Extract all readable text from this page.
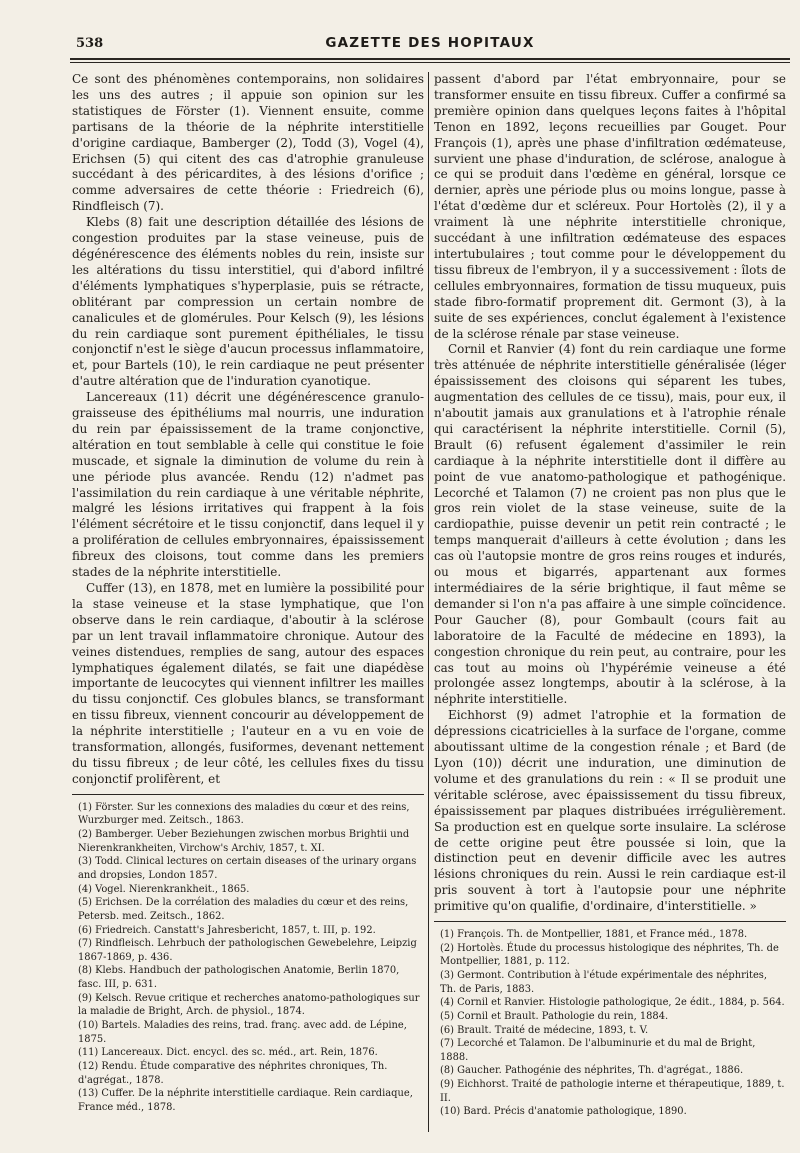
538	GAZETTE DES HOPITAUX

Ce sont des phénomènes contemporains, non solidaires les uns des autres ; il appuie son opinion sur les statistiques de Förster (1). Viennent ensuite, comme partisans de la théorie de la néphrite interstitielle d'origine cardiaque, Bamberger (2), Todd (3), Vogel (4), Erichsen (5) qui citent des cas d'atrophie granuleuse succédant à des péricardites, à des lésions d'orifice ; comme adversaires de cette théorie : Friedreich (6), Rindfleisch (7).

Klebs (8) fait une description détaillée des lésions de congestion produites par la stase veineuse, puis de dégénérescence des éléments nobles du rein, insiste sur les altérations du tissu interstitiel, qui d'abord infiltré d'éléments lymphatiques s'hyperplasie, puis se rétracte, oblitérant par compression un certain nombre de canalicules et de glomérules. Pour Kelsch (9), les lésions du rein cardiaque sont purement épithéliales, le tissu conjonctif n'est le siège d'aucun processus inflammatoire, et, pour Bartels (10), le rein cardiaque ne peut présenter d'autre altération que de l'induration cyanotique.

Lancereaux (11) décrit une dégénérescence granulo-graisseuse des épithéliums mal nourris, une induration du rein par épaississement de la trame conjonctive, altération en tout semblable à celle qui constitue le foie muscade, et signale la diminution de volume du rein à une période plus avancée. Rendu (12) n'admet pas l'assimilation du rein cardiaque à une véritable néphrite, malgré les lésions irritatives qui frappent à la fois l'élément sécrétoire et le tissu conjonctif, dans lequel il y a prolifération de cellules embryonnaires, épaississement fibreux des cloisons, tout comme dans les premiers stades de la néphrite interstitielle.

Cuffer (13), en 1878, met en lumière la possibilité pour la stase veineuse et la stase lymphatique, que l'on observe dans le rein cardiaque, d'aboutir à la sclérose par un lent travail inflammatoire chronique. Autour des veines distendues, remplies de sang, autour des espaces lymphatiques également dilatés, se fait une diapédèse importante de leucocytes qui viennent infiltrer les mailles du tissu conjonctif. Ces globules blancs, se transformant en tissu fibreux, viennent concourir au développement de la néphrite interstitielle ; l'auteur en a vu en voie de transformation, allongés, fusiformes, devenant nettement du tissu fibreux ; de leur côté, les cellules fixes du tissu conjonctif prolifèrent, et

(1) Förster. Sur les connexions des maladies du cœur et des reins, Wurzburger med. Zeitsch., 1863.

(2) Bamberger. Ueber Beziehungen zwischen morbus Brightii und Nierenkrankheiten, Virchow's Archiv, 1857, t. XI.

(3) Todd. Clinical lectures on certain diseases of the urinary organs and dropsies, London 1857.

(4) Vogel. Nierenkrankheit., 1865.

(5) Erichsen. De la corrélation des maladies du cœur et des reins, Petersb. med. Zeitsch., 1862.

(6) Friedreich. Canstatt's Jahresbericht, 1857, t. III, p. 192.

(7) Rindfleisch. Lehrbuch der pathologischen Gewebelehre, Leipzig 1867-1869, p. 436.

(8) Klebs. Handbuch der pathologischen Anatomie, Berlin 1870, fasc. III, p. 631.

(9) Kelsch. Revue critique et recherches anatomo-pathologiques sur la maladie de Bright, Arch. de physiol., 1874.

(10) Bartels. Maladies des reins, trad. franç. avec add. de Lépine, 1875.

(11) Lancereaux. Dict. encycl. des sc. méd., art. Rein, 1876.

(12) Rendu. Étude comparative des néphrites chroniques, Th. d'agrégat., 1878.

(13) Cuffer. De la néphrite interstitielle cardiaque. Rein cardiaque, France méd., 1878.

passent d'abord par l'état embryonnaire, pour se transformer ensuite en tissu fibreux. Cuffer a confirmé sa première opinion dans quelques leçons faites à l'hôpital Tenon en 1892, leçons recueillies par Gouget. Pour François (1), après une phase d'infiltration œdémateuse, survient une phase d'induration, de sclérose, analogue à ce qui se produit dans l'œdème en général, lorsque ce dernier, après une période plus ou moins longue, passe à l'état d'œdème dur et scléreux. Pour Hortolès (2), il y a vraiment là une néphrite interstitielle chronique, succédant à une infiltration œdémateuse des espaces intertubulaires ; tout comme pour le développement du tissu fibreux de l'embryon, il y a successivement : îlots de cellules embryonnaires, formation de tissu muqueux, puis stade fibro-formatif proprement dit. Germont (3), à la suite de ses expériences, conclut également à l'existence de la sclérose rénale par stase veineuse.

Cornil et Ranvier (4) font du rein cardiaque une forme très atténuée de néphrite interstitielle généralisée (léger épaississement des cloisons qui séparent les tubes, augmentation des cellules de ce tissu), mais, pour eux, il n'aboutit jamais aux granulations et à l'atrophie rénale qui caractérisent la néphrite interstitielle. Cornil (5), Brault (6) refusent également d'assimiler le rein cardiaque à la néphrite interstitielle dont il diffère au point de vue anatomo-pathologique et pathogénique. Lecorché et Talamon (7) ne croient pas non plus que le gros rein violet de la stase veineuse, suite de la cardiopathie, puisse devenir un petit rein contracté ; le temps manquerait d'ailleurs à cette évolution ; dans les cas où l'autopsie montre de gros reins rouges et indurés, ou mous et bigarrés, appartenant aux formes intermédiaires de la série brightique, il faut même se demander si l'on n'a pas affaire à une simple coïncidence. Pour Gaucher (8), pour Gombault (cours fait au laboratoire de la Faculté de médecine en 1893), la congestion chronique du rein peut, au contraire, pour les cas tout au moins où l'hypérémie veineuse a été prolongée assez longtemps, aboutir à la sclérose, à la néphrite interstitielle.

Eichhorst (9) admet l'atrophie et la formation de dépressions cicatricielles à la surface de l'organe, comme aboutissant ultime de la congestion rénale ; et Bard (de Lyon (10)) décrit une induration, une diminution de volume et des granulations du rein : « Il se produit une véritable sclérose, avec épaississement du tissu fibreux, épaississement par plaques distribuées irrégulièrement. Sa production est en quelque sorte insulaire. La sclérose de cette origine peut être poussée si loin, que la distinction peut en devenir difficile avec les autres lésions chroniques du rein. Aussi le rein cardiaque est-il pris souvent à tort à l'autopsie pour une néphrite primitive qu'on qualifie, d'ordinaire, d'interstitielle. »

(1) François. Th. de Montpellier, 1881, et France méd., 1878.

(2) Hortolès. Étude du processus histologique des néphrites, Th. de Montpellier, 1881, p. 112.

(3) Germont. Contribution à l'étude expérimentale des néphrites, Th. de Paris, 1883.

(4) Cornil et Ranvier. Histologie pathologique, 2e édit., 1884, p. 564.

(5) Cornil et Brault. Pathologie du rein, 1884.

(6) Brault. Traité de médecine, 1893, t. V.

(7) Lecorché et Talamon. De l'albuminurie et du mal de Bright, 1888.

(8) Gaucher. Pathogénie des néphrites, Th. d'agrégat., 1886.

(9) Eichhorst. Traité de pathologie interne et thérapeutique, 1889, t. II.

(10) Bard. Précis d'anatomie pathologique, 1890.
